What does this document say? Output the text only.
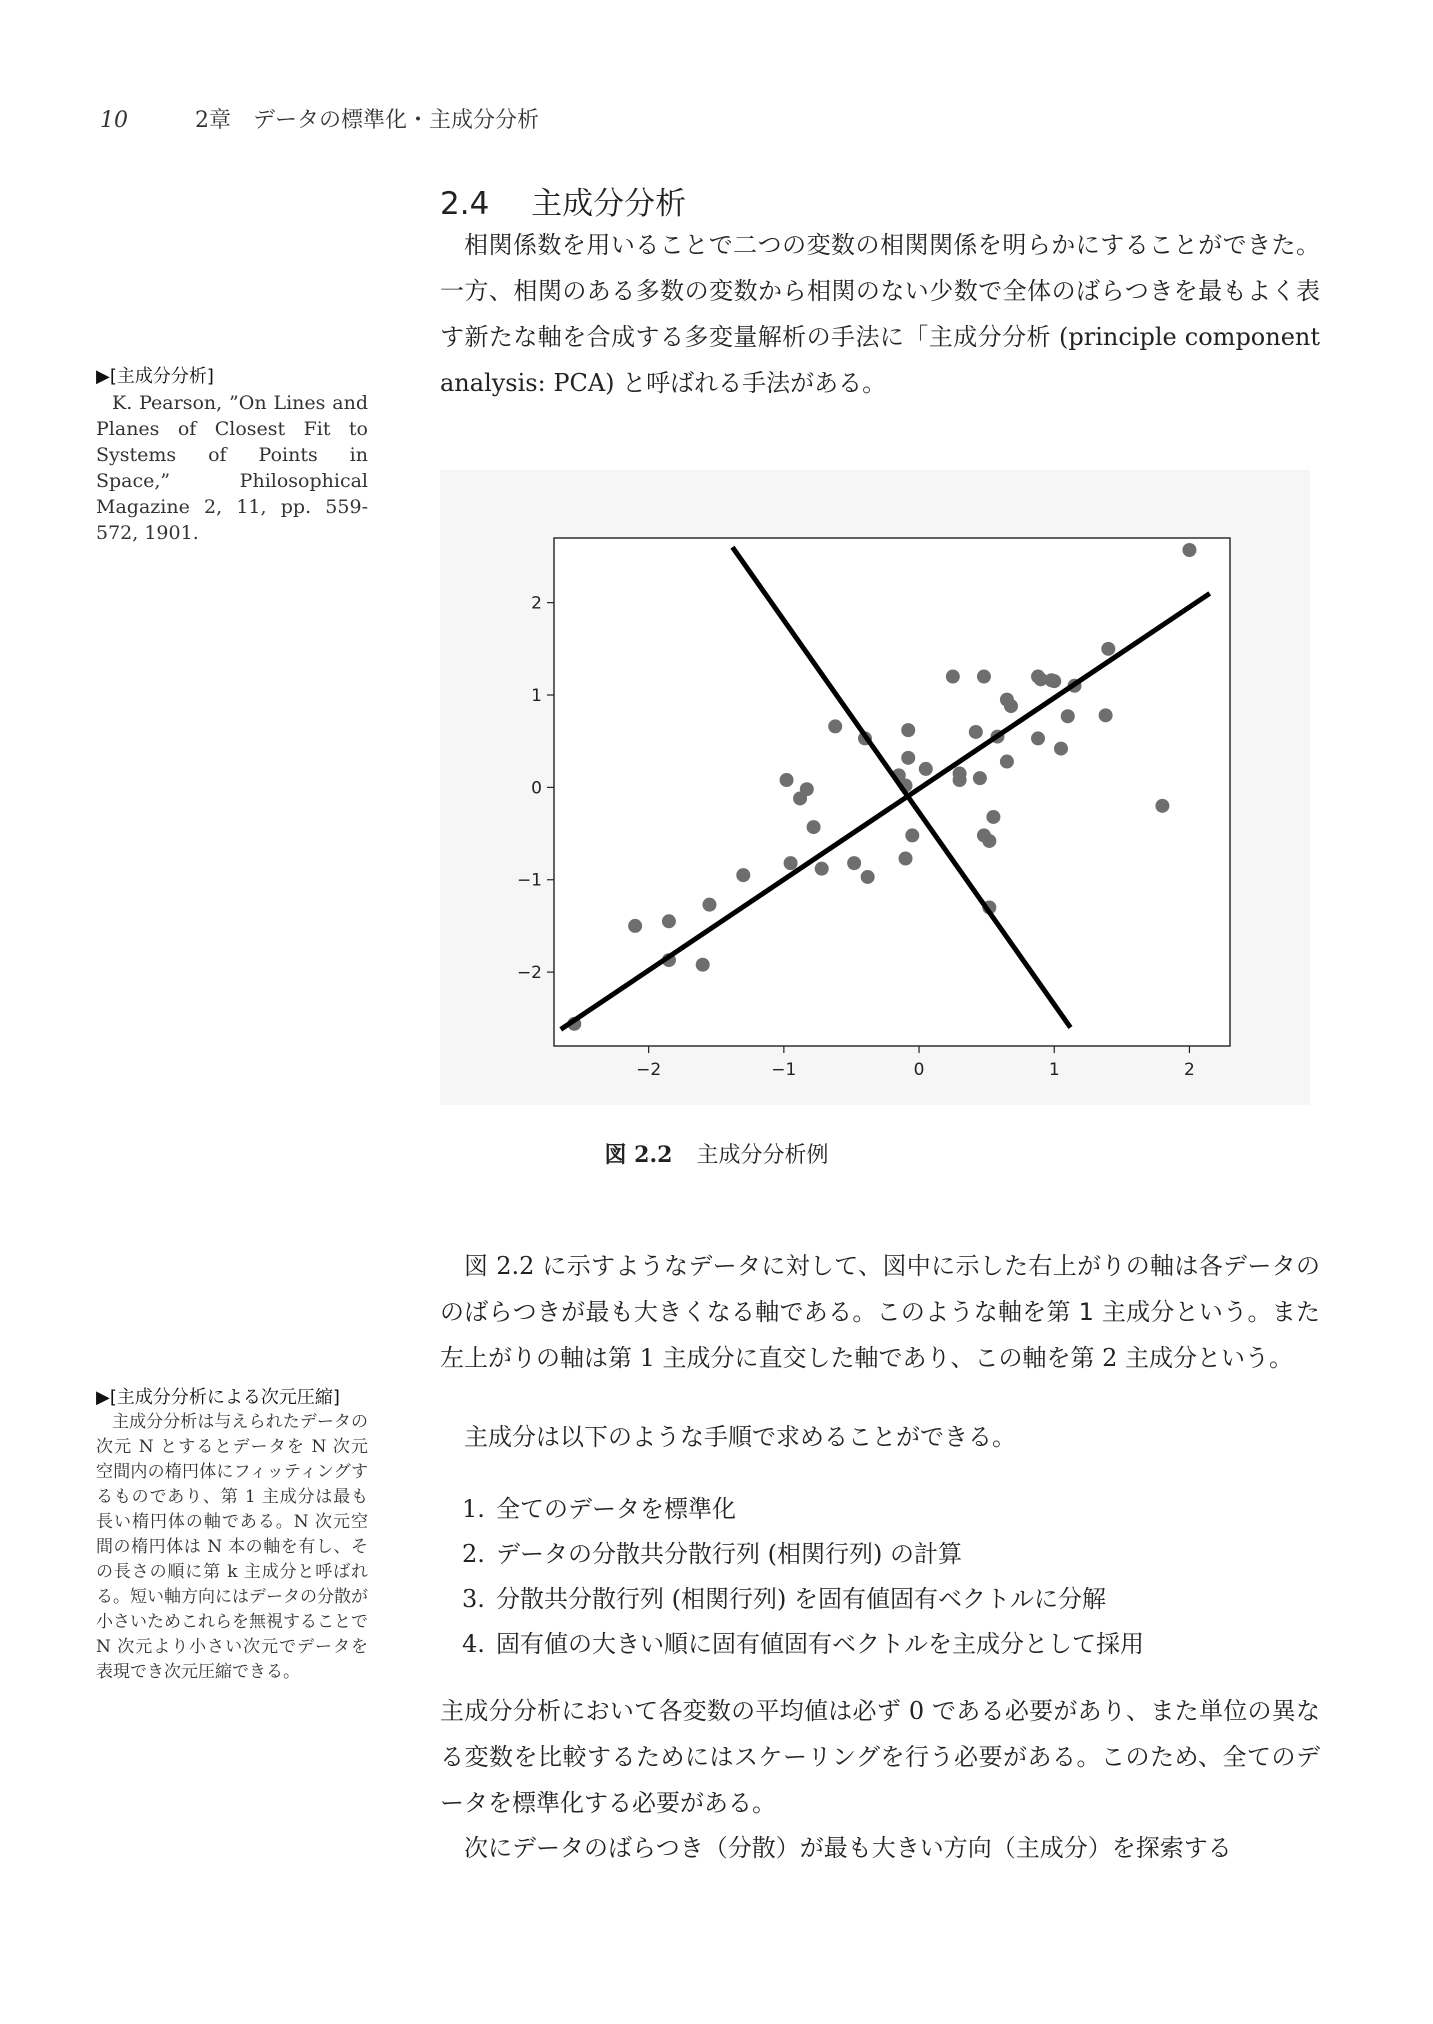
10	2章　データの標準化・主成分分析
2.4 主成分分析
相関係数を用いることで二つの変数の相関関係を明らかにすることができた。一方、相関のある多数の変数から相関のない少数で全体のばらつきを最もよく表す新たな軸を合成する多変量解析の手法に「主成分分析 (principle component analysis: PCA) と呼ばれる手法がある。
▶[主成分分析]
K. Pearson, ”On Lines and Planes of Closest Fit to Systems of Points in Space,” Philosophical Magazine 2, 11, pp. 559-572, 1901.
−2	−1	0	1	2
−2
−1
0
1
2
図 2.2 主成分分析例
図 2.2 に示すようなデータに対して、図中に示した右上がりの軸は各データののばらつきが最も大きくなる軸である。このような軸を第 1 主成分という。また左上がりの軸は第 1 主成分に直交した軸であり、この軸を第 2 主成分という。
▶[主成分分析による次元圧縮]
主成分分析は与えられたデータの次元 N とするとデータを N 次元空間内の楕円体にフィッティングするものであり、第 1 主成分は最も長い楕円体の軸である。N 次元空間の楕円体は N 本の軸を有し、その長さの順に第 k 主成分と呼ばれる。短い軸方向にはデータの分散が小さいためこれらを無視することで N 次元より小さい次元でデータを表現でき次元圧縮できる。
主成分は以下のような手順で求めることができる。
1. 全てのデータを標準化
2. データの分散共分散行列 (相関行列) の計算
3. 分散共分散行列 (相関行列) を固有値固有ベクトルに分解
4. 固有値の大きい順に固有値固有ベクトルを主成分として採用
主成分分析において各変数の平均値は必ず 0 である必要があり、また単位の異なる変数を比較するためにはスケーリングを行う必要がある。このため、全てのデータを標準化する必要がある。
次にデータのばらつき（分散）が最も大きい方向（主成分）を探索する
